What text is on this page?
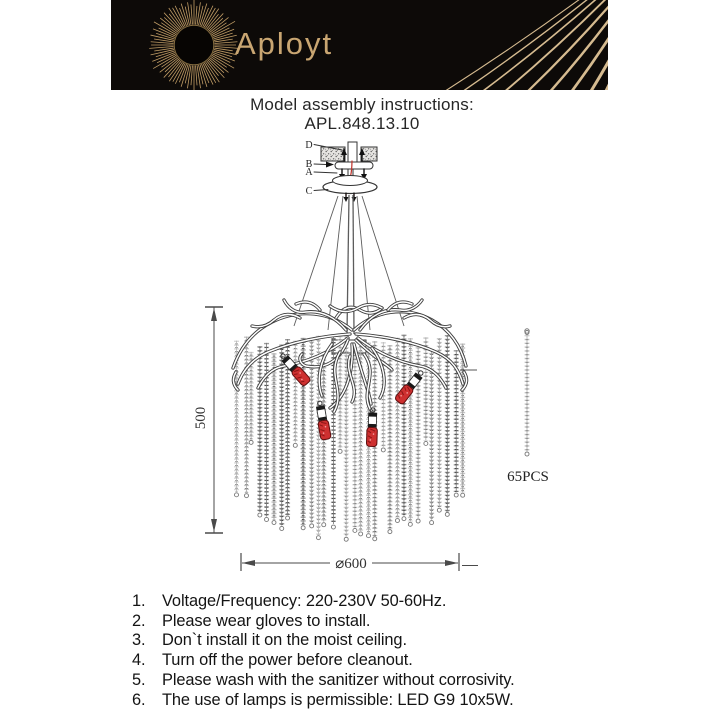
Aployt
Model assembly instructions:
APL.848.13.10
D
B
A
C
500
⌀600
65PCS
1.	Voltage/Frequency: 220-230V 50-60Hz.
2.	Please wear gloves to install.
3.	Don`t install it on the moist ceiling.
4.	Turn off the power before cleanout.
5.	Please wash with the sanitizer without corrosivity.
6.	The use of lamps is permissible: LED G9 10x5W.
